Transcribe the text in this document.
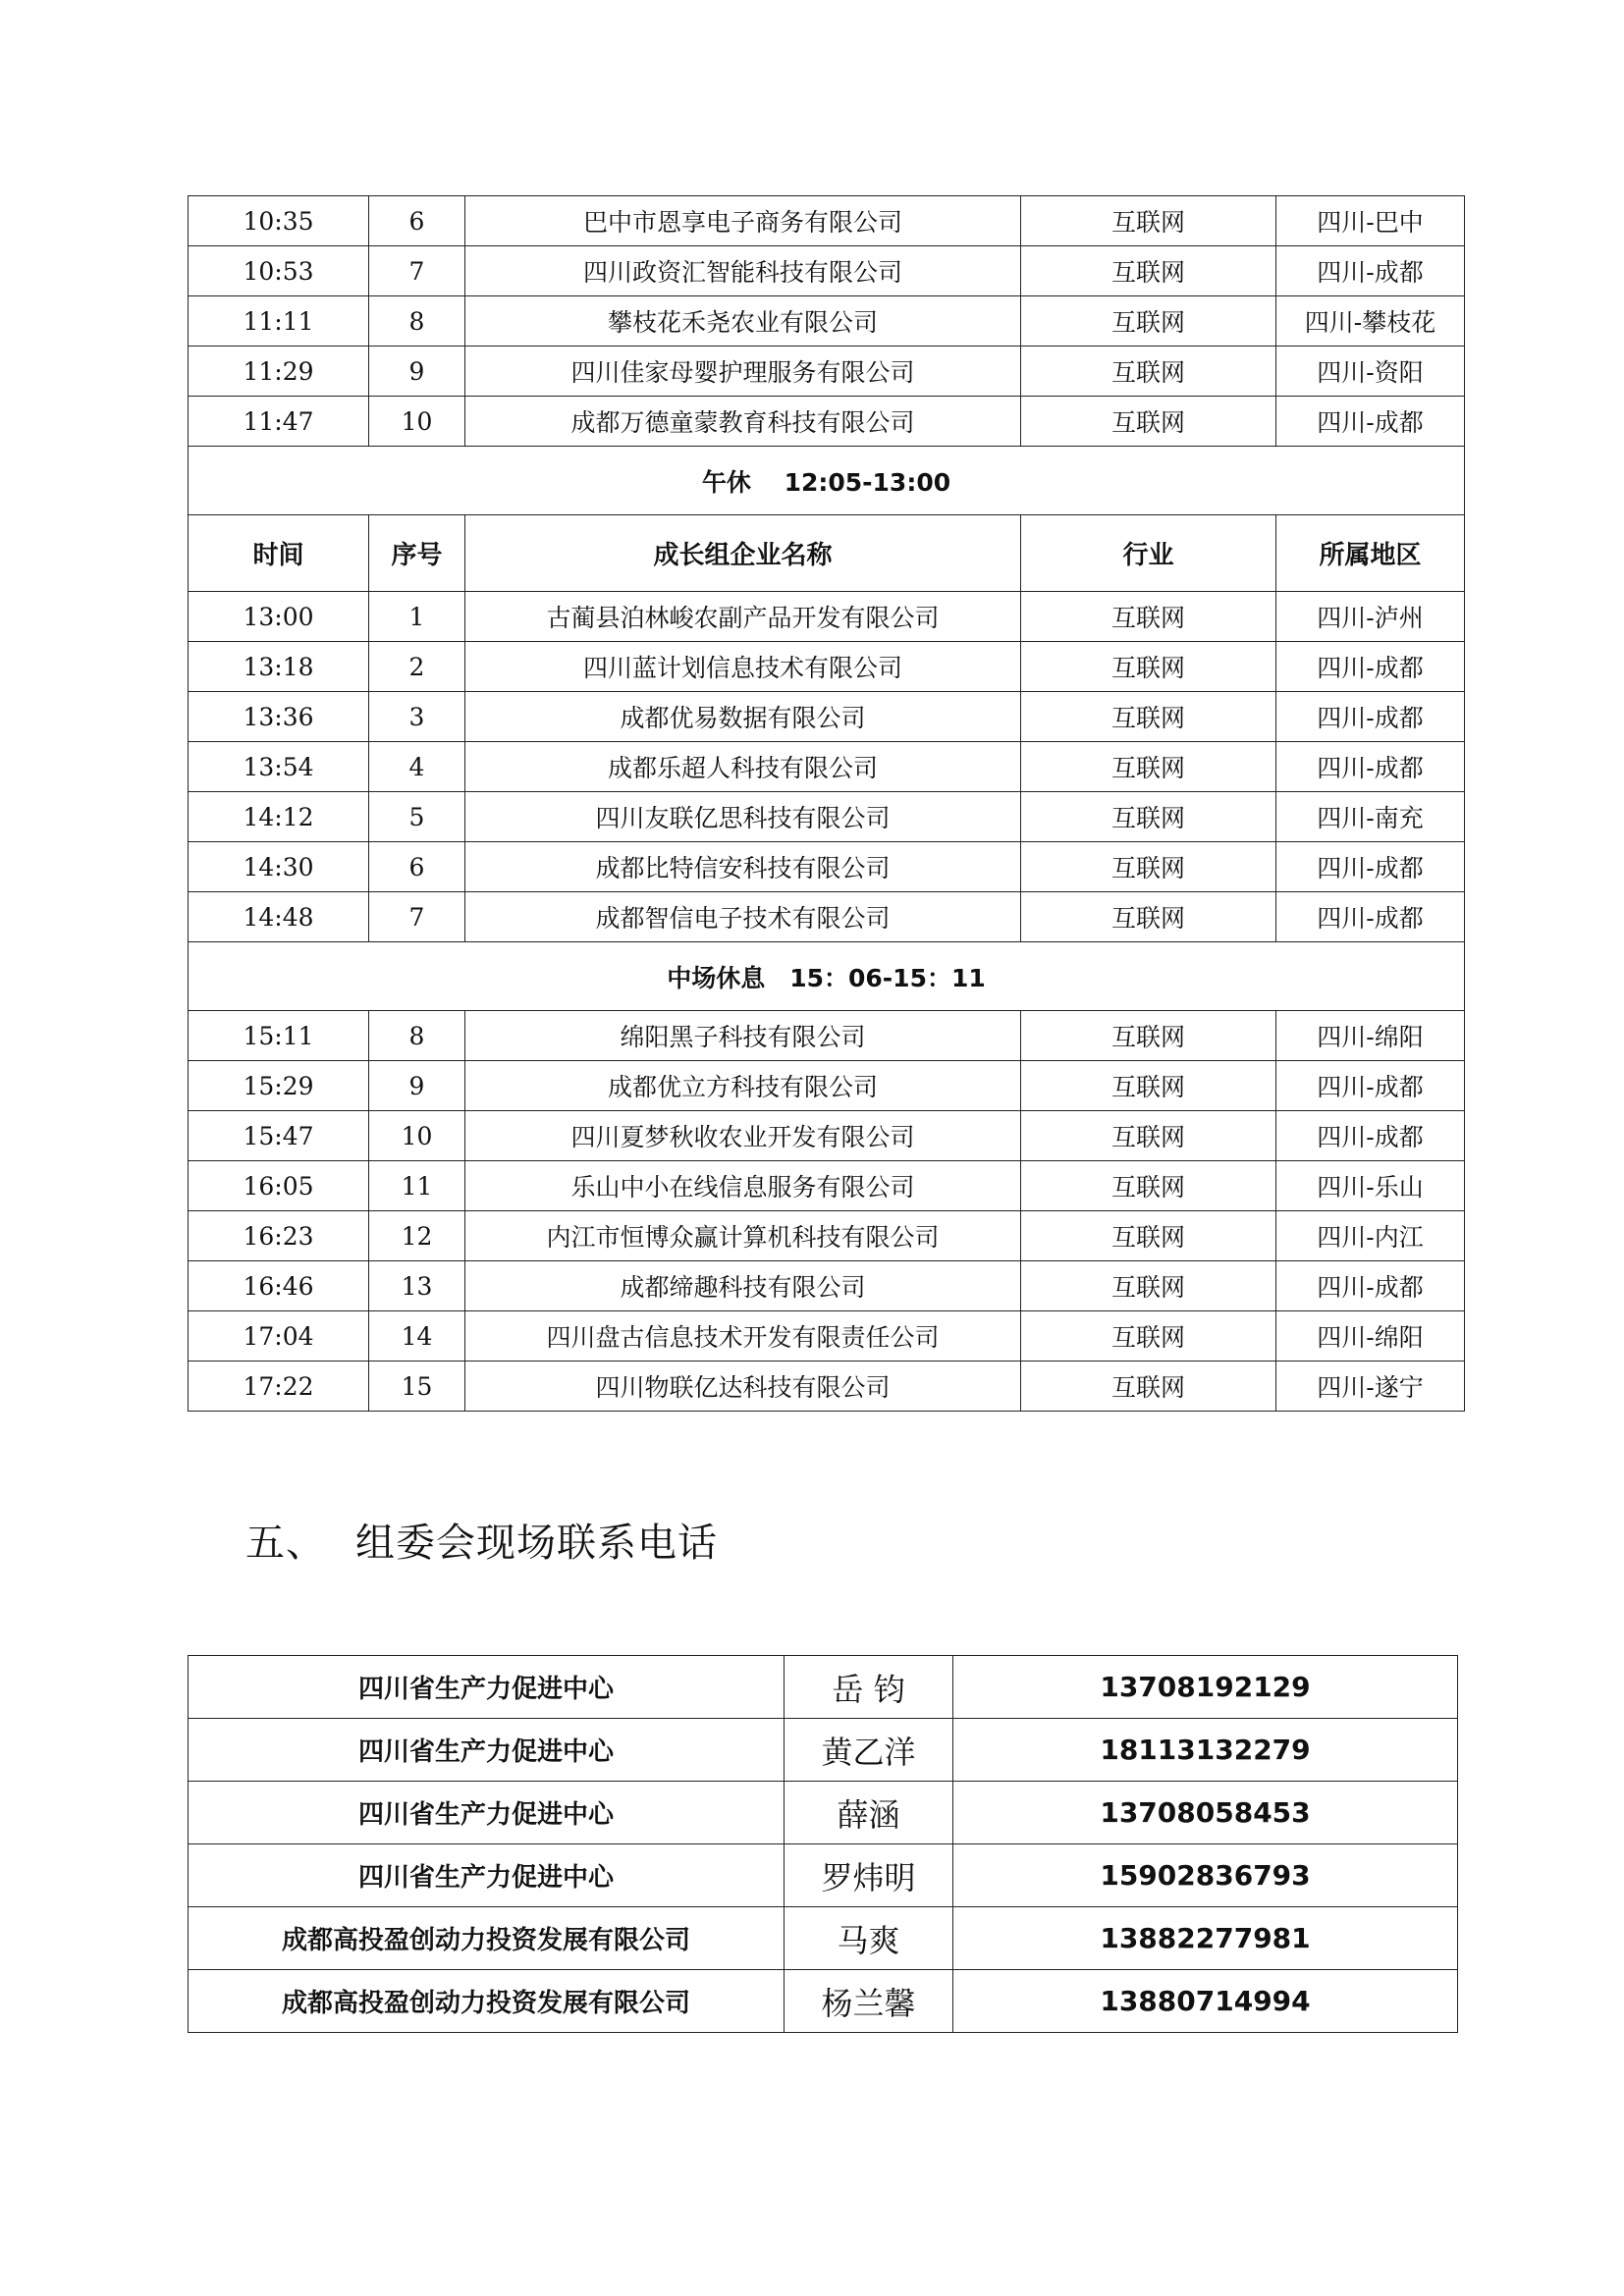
10:35	6	巴中市恩享电子商务有限公司	互联网	四川-巴中
10:53	7	四川政资汇智能科技有限公司	互联网	四川-成都
11:11	8	攀枝花禾尧农业有限公司	互联网	四川-攀枝花
11:29	9	四川佳家母婴护理服务有限公司	互联网	四川-资阳
11:47	10	成都万德童蒙教育科技有限公司	互联网	四川-成都
午休　 12:05-13:00				
时间	序号	成长组企业名称	行业	所属地区
13:00	1	古蔺县泊林峻农副产品开发有限公司	互联网	四川-泸州
13:18	2	四川蓝计划信息技术有限公司	互联网	四川-成都
13:36	3	成都优易数据有限公司	互联网	四川-成都
13:54	4	成都乐超人科技有限公司	互联网	四川-成都
14:12	5	四川友联亿思科技有限公司	互联网	四川-南充
14:30	6	成都比特信安科技有限公司	互联网	四川-成都
14:48	7	成都智信电子技术有限公司	互联网	四川-成都
中场休息　15：06-15：11				
15:11	8	绵阳黑子科技有限公司	互联网	四川-绵阳
15:29	9	成都优立方科技有限公司	互联网	四川-成都
15:47	10	四川夏梦秋收农业开发有限公司	互联网	四川-成都
16:05	11	乐山中小在线信息服务有限公司	互联网	四川-乐山
16:23	12	内江市恒博众赢计算机科技有限公司	互联网	四川-内江
16:46	13	成都缔趣科技有限公司	互联网	四川-成都
17:04	14	四川盘古信息技术开发有限责任公司	互联网	四川-绵阳
17:22	15	四川物联亿达科技有限公司	互联网	四川-遂宁
五、 组委会现场联系电话
四川省生产力促进中心	岳 钧	13708192129
四川省生产力促进中心	黄乙洋	18113132279
四川省生产力促进中心	薛涵	13708058453
四川省生产力促进中心	罗炜明	15902836793
成都高投盈创动力投资发展有限公司	马爽	13882277981
成都高投盈创动力投资发展有限公司	杨兰馨	13880714994
